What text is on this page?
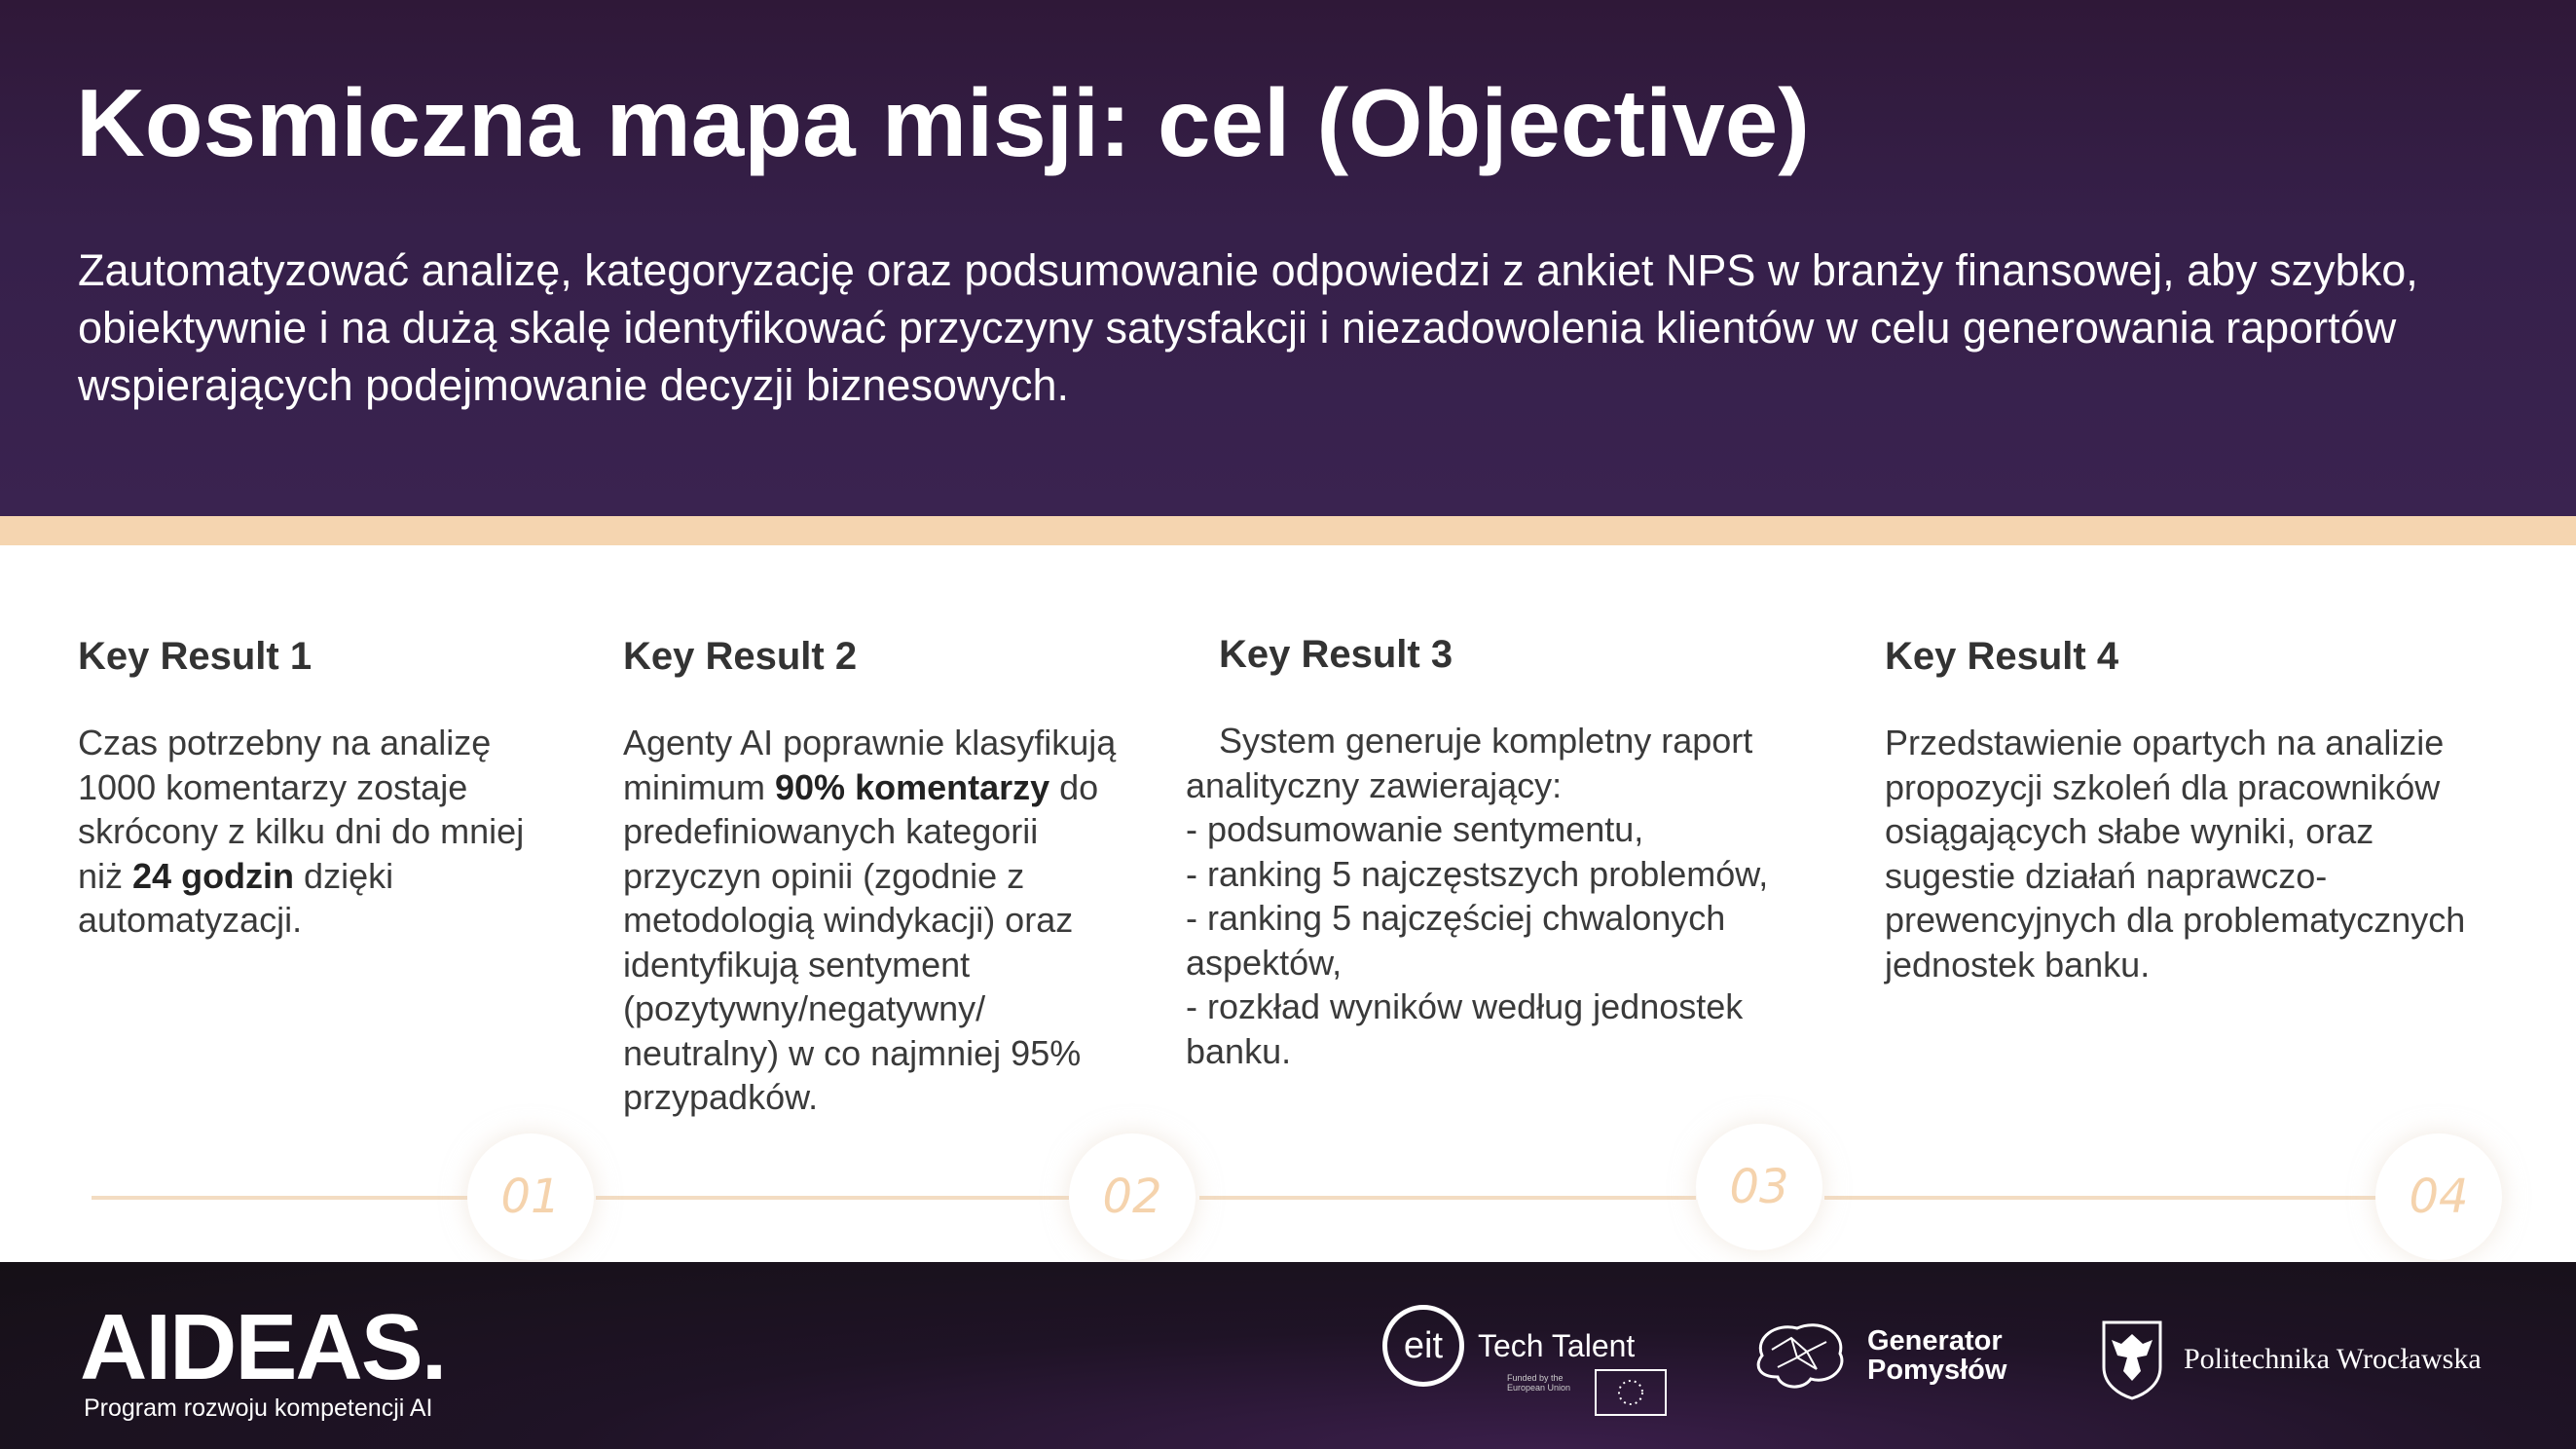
Kosmiczna mapa misji: cel (Objective)
Zautomatyzować analizę, kategoryzację oraz podsumowanie odpowiedzi z ankiet NPS w branży finansowej, aby szybko, obiektywnie i na dużą skalę identyfikować przyczyny satysfakcji i niezadowolenia klientów w celu generowania raportów wspierających podejmowanie decyzji biznesowych.
Key Result 1
Czas potrzebny na analizę
1000 komentarzy zostaje
skrócony z kilku dni do mniej
niż 24 godzin dzięki
automatyzacji.
Key Result 2
Agenty AI poprawnie klasyfikują
minimum 90% komentarzy do
predefiniowanych kategorii
przyczyn opinii (zgodnie z
metodologią windykacji) oraz
identyfikują sentyment
(pozytywny/negatywny/
neutralny) w co najmniej 95%
przypadków.
Key Result 3
System generuje kompletny raport
analityczny zawierający:
- podsumowanie sentymentu,
- ranking 5 najczęstszych problemów,
- ranking 5 najczęściej chwalonych
aspektów,
- rozkład wyników według jednostek
banku.
Key Result 4
Przedstawienie opartych na analizie
propozycji szkoleń dla pracowników
osiągających słabe wyniki, oraz
sugestie działań naprawczo-
prewencyjnych dla problematycznych
jednostek banku.
01	02	03	04
AIDEAS.
Program rozwoju kompetencji AI
eit	Tech Talent
Funded by the European Union
Generator
Pomysłów	Politechnika Wrocławska
